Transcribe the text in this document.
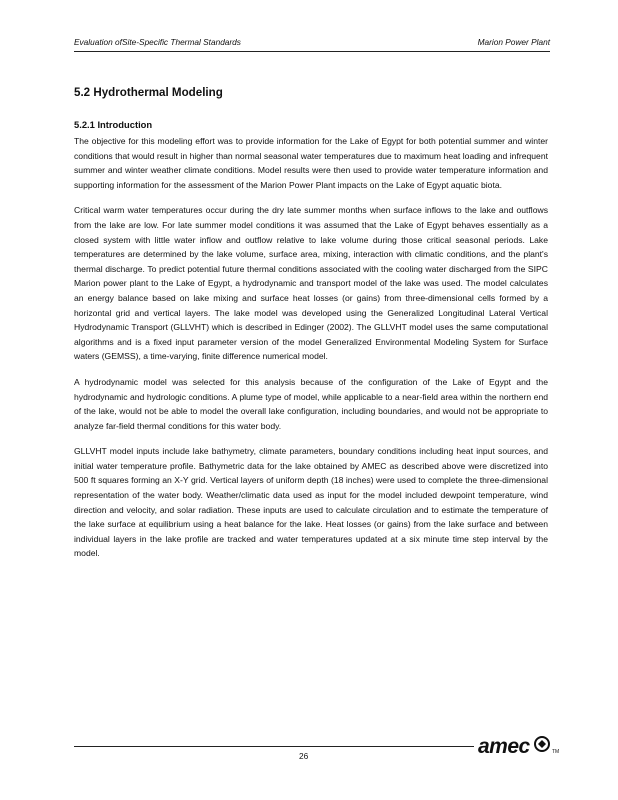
Evaluation ofSite-Specific Thermal Standards	Marion Power Plant
5.2 Hydrothermal Modeling
5.2.1 Introduction

The objective for this modeling effort was to provide information for the Lake of Egypt for both potential summer and winter conditions that would result in higher than normal seasonal water temperatures due to maximum heat loading and infrequent summer and winter weather climate conditions. Model results were then used to provide water temperature information and supporting information for the assessment of the Marion Power Plant impacts on the Lake of Egypt aquatic biota.

Critical warm water temperatures occur during the dry late summer months when surface inflows to the lake and outflows from the lake are low. For late summer model conditions it was assumed that the Lake of Egypt behaves essentially as a closed system with little water inflow and outflow relative to lake volume during those critical seasonal periods. Lake temperatures are determined by the lake volume, surface area, mixing, interaction with climatic conditions, and the plant's thermal discharge. To predict potential future thermal conditions associated with the cooling water discharged from the SIPC Marion power plant to the Lake of Egypt, a hydrodynamic and transport model of the lake was used. The model calculates an energy balance based on lake mixing and surface heat losses (or gains) from three-dimensional cells formed by a horizontal grid and vertical layers. The lake model was developed using the Generalized Longitudinal Lateral Vertical Hydrodynamic Transport (GLLVHT) which is described in Edinger (2002). The GLLVHT model uses the same computational algorithms and is a fixed input parameter version of the model Generalized Environmental Modeling System for Surface waters (GEMSS), a time-varying, finite difference numerical model.

A hydrodynamic model was selected for this analysis because of the configuration of the Lake of Egypt and the hydrodynamic and hydrologic conditions. A plume type of model, while applicable to a near-field area within the northern end of the lake, would not be able to model the overall lake configuration, including boundaries, and would not be appropriate to analyze far-field thermal conditions for this water body.

GLLVHT model inputs include lake bathymetry, climate parameters, boundary conditions including heat input sources, and initial water temperature profile. Bathymetric data for the lake obtained by AMEC as described above were discretized into 500 ft squares forming an X-Y grid. Vertical layers of uniform depth (18 inches) were used to complete the three-dimensional representation of the water body. Weather/climatic data used as input for the model included dewpoint temperature, wind direction and velocity, and solar radiation. These inputs are used to calculate circulation and to estimate the temperature of the lake surface at equilibrium using a heat balance for the lake. Heat losses (or gains) from the lake surface and between individual layers in the lake profile are tracked and water temperatures updated at a six minute time step interval by the model.

26	amec	TM
